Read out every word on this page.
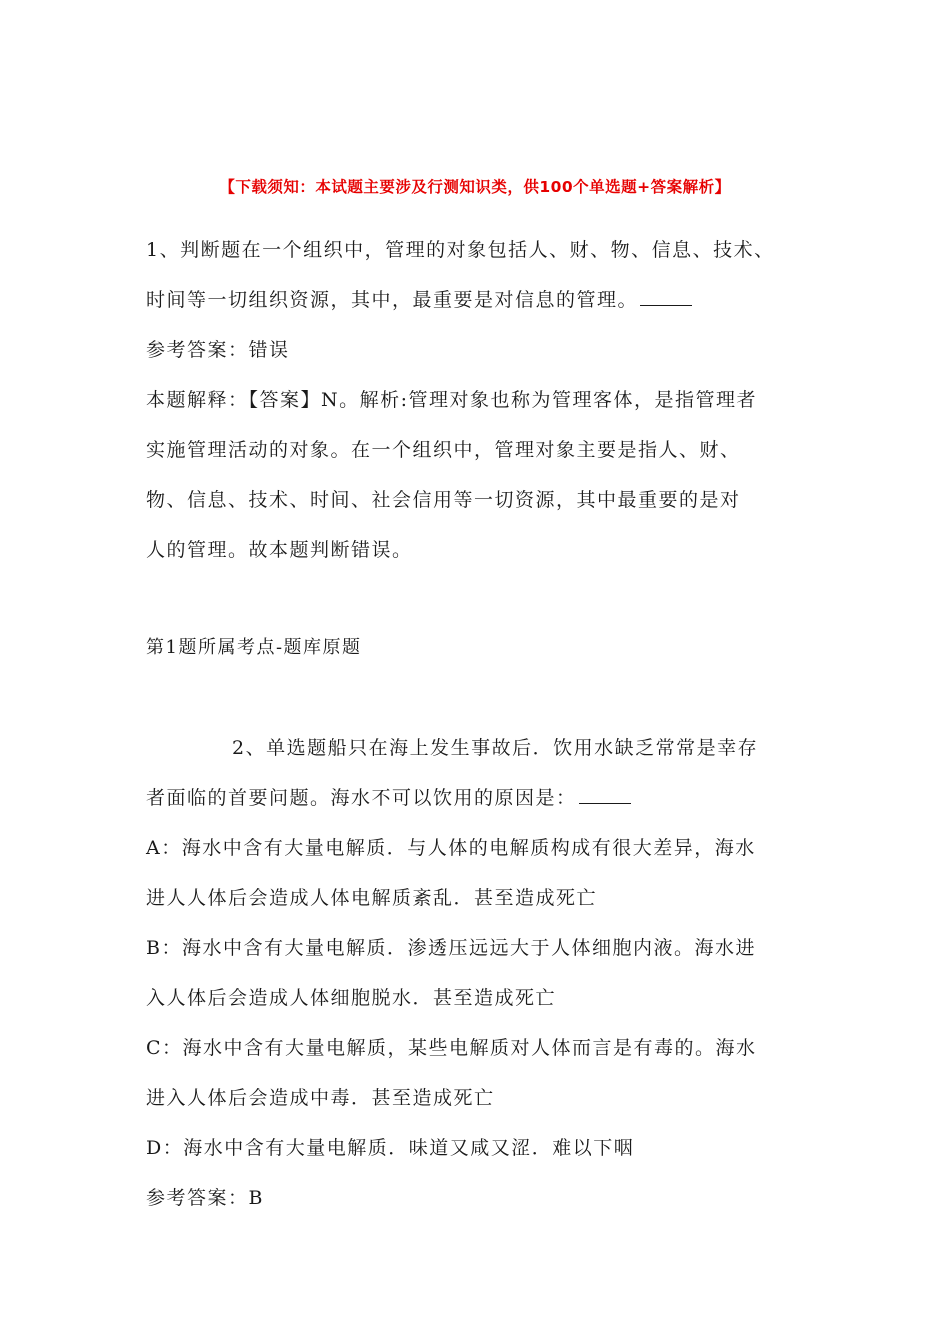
【下载须知：本试题主要涉及行测知识类，供100个单选题+答案解析】

1、判断题在一个组织中，管理的对象包括人、财、物、信息、技术、

时间等一切组织资源，其中，最重要是对信息的管理。

参考答案：错误

本题解释：【答案】N。解析:管理对象也称为管理客体，是指管理者

实施管理活动的对象。在一个组织中，管理对象主要是指人、财、

物、信息、技术、时间、社会信用等一切资源，其中最重要的是对

人的管理。故本题判断错误。

第1题所属考点-题库原题

2、单选题船只在海上发生事故后．饮用水缺乏常常是幸存

者面临的首要问题。海水不可以饮用的原因是：

A：海水中含有大量电解质．与人体的电解质构成有很大差异，海水

进人人体后会造成人体电解质紊乱．甚至造成死亡

B：海水中含有大量电解质．渗透压远远大于人体细胞内液。海水进

入人体后会造成人体细胞脱水．甚至造成死亡

C：海水中含有大量电解质，某些电解质对人体而言是有毒的。海水

进入人体后会造成中毒．甚至造成死亡

D：海水中含有大量电解质．味道又咸又涩．难以下咽

参考答案：B
